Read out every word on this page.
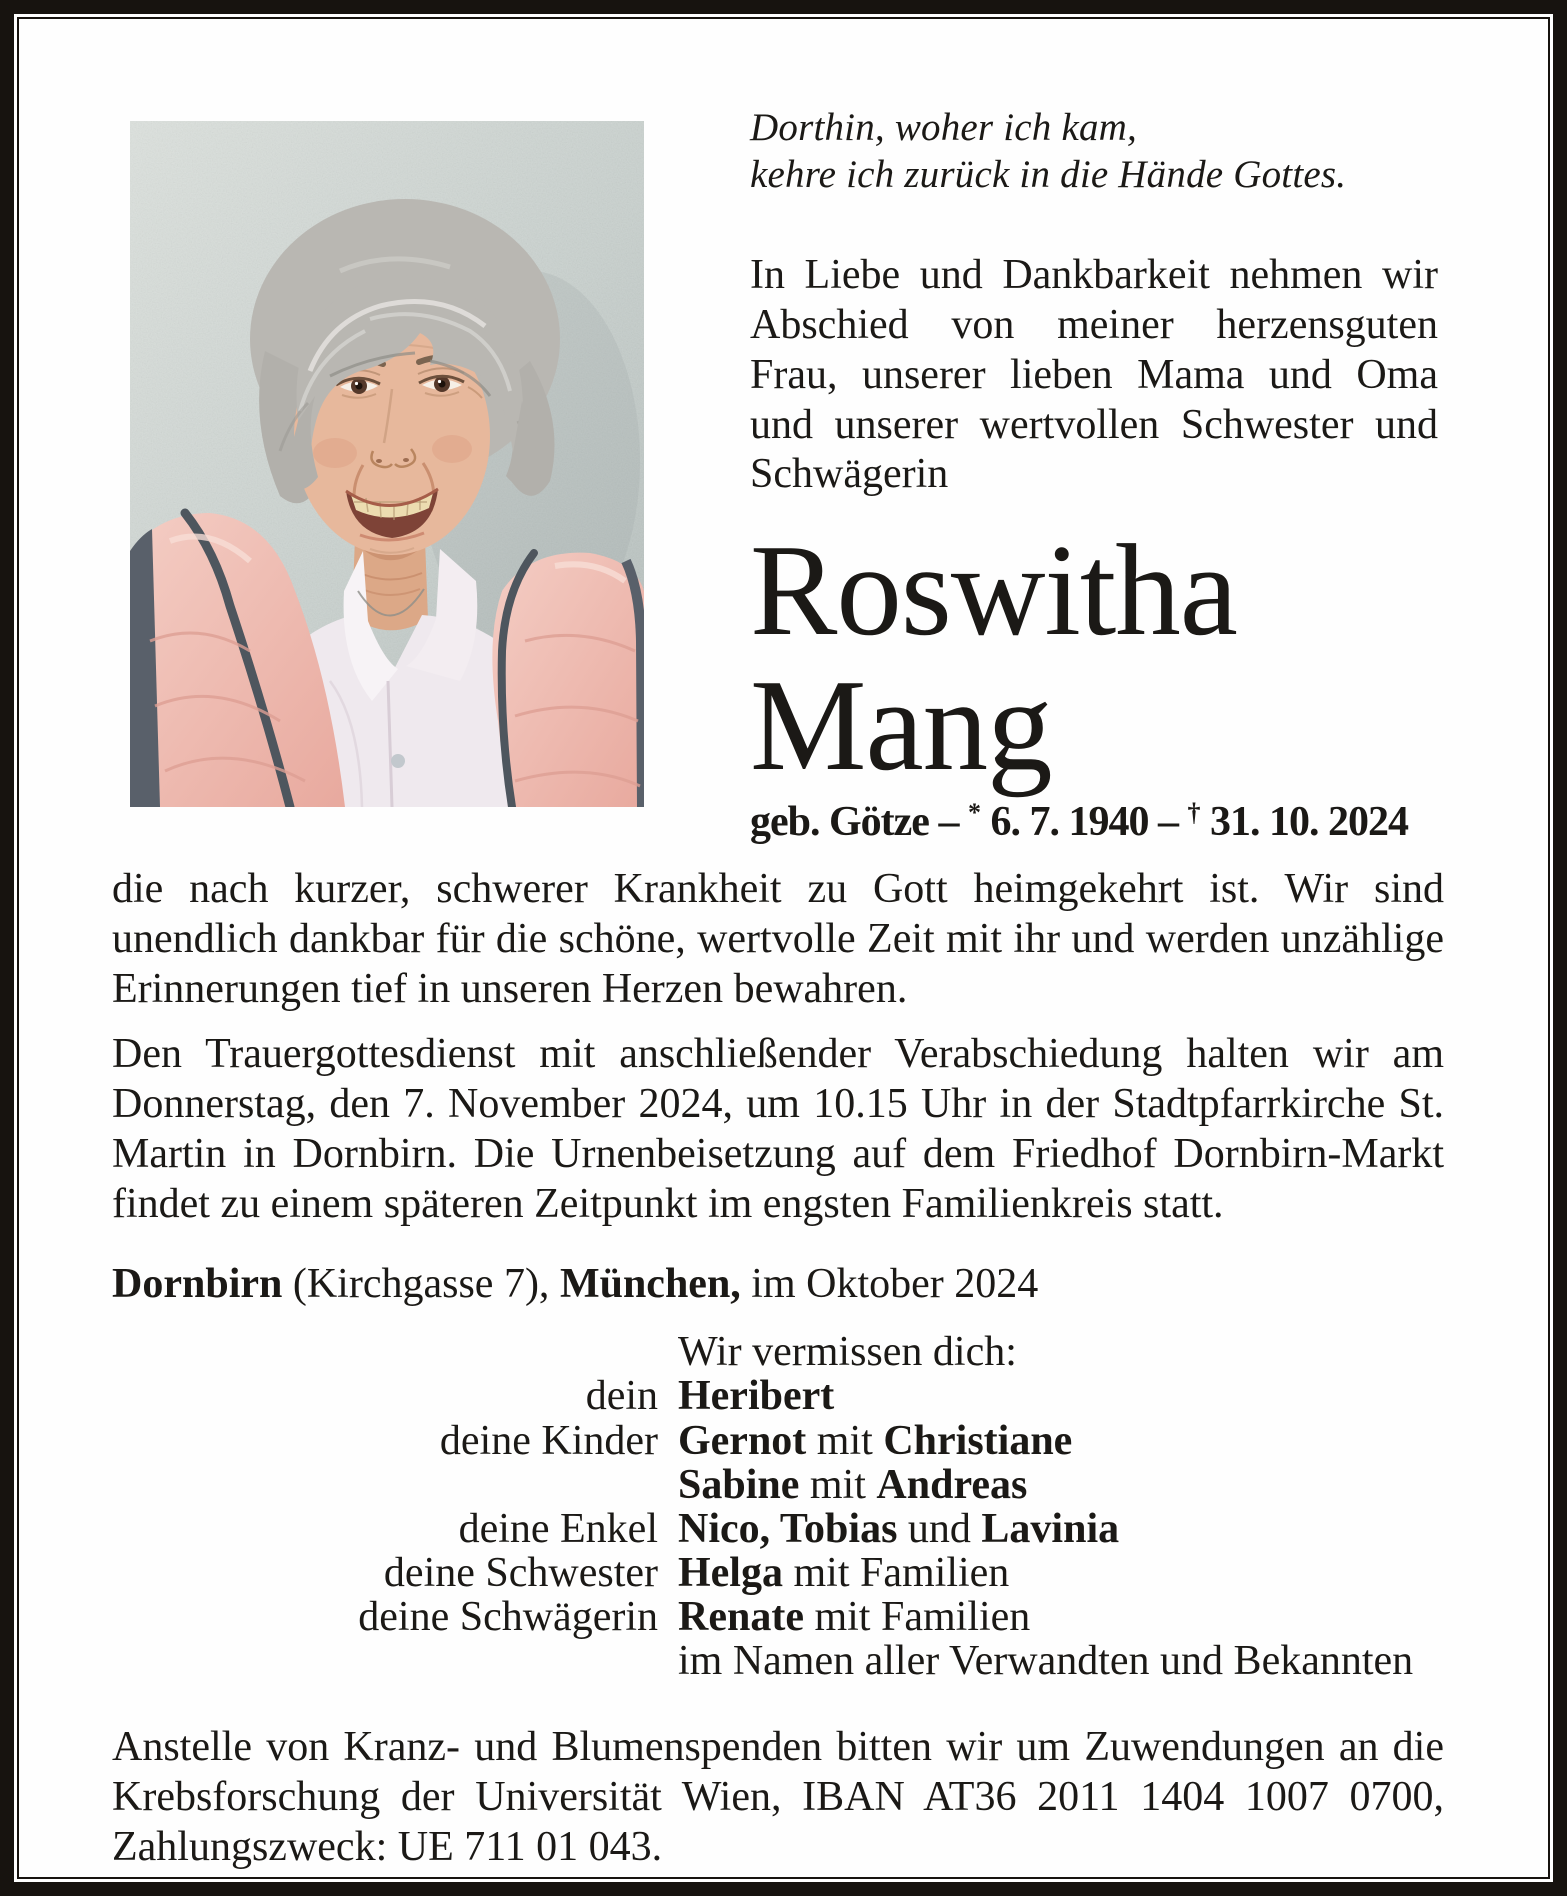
Dorthin, woher ich kam,
kehre ich zurück in die Hände Gottes.

In Liebe und Dankbarkeit nehmen wir Abschied von meiner herzensguten Frau, unserer lieben Mama und Oma und unserer wertvollen Schwester und Schwägerin

Roswitha
Mang
geb. Götze – * 6. 7. 1940 – † 31. 10. 2024

die nach kurzer, schwerer Krankheit zu Gott heimgekehrt ist. Wir sind unendlich dankbar für die schöne, wertvolle Zeit mit ihr und werden unzählige Erinnerungen tief in unseren Herzen bewahren.

Den Trauergottesdienst mit anschließender Verabschiedung halten wir am Donnerstag, den 7. November 2024, um 10.15 Uhr in der Stadtpfarrkirche St. Martin in Dornbirn. Die Urnenbeisetzung auf dem Friedhof Dornbirn-Markt findet zu einem späteren Zeitpunkt im engsten Familienkreis statt.

Dornbirn (Kirchgasse 7), München, im Oktober 2024

Wir vermissen dich:
dein Heribert
deine Kinder Gernot mit Christiane
Sabine mit Andreas
deine Enkel Nico, Tobias und Lavinia
deine Schwester Helga mit Familien
deine Schwägerin Renate mit Familien
im Namen aller Verwandten und Bekannten

Anstelle von Kranz- und Blumenspenden bitten wir um Zuwendungen an die Krebsforschung der Universität Wien, IBAN AT36 2011 1404 1007 0700, Zahlungszweck: UE 711 01 043.
